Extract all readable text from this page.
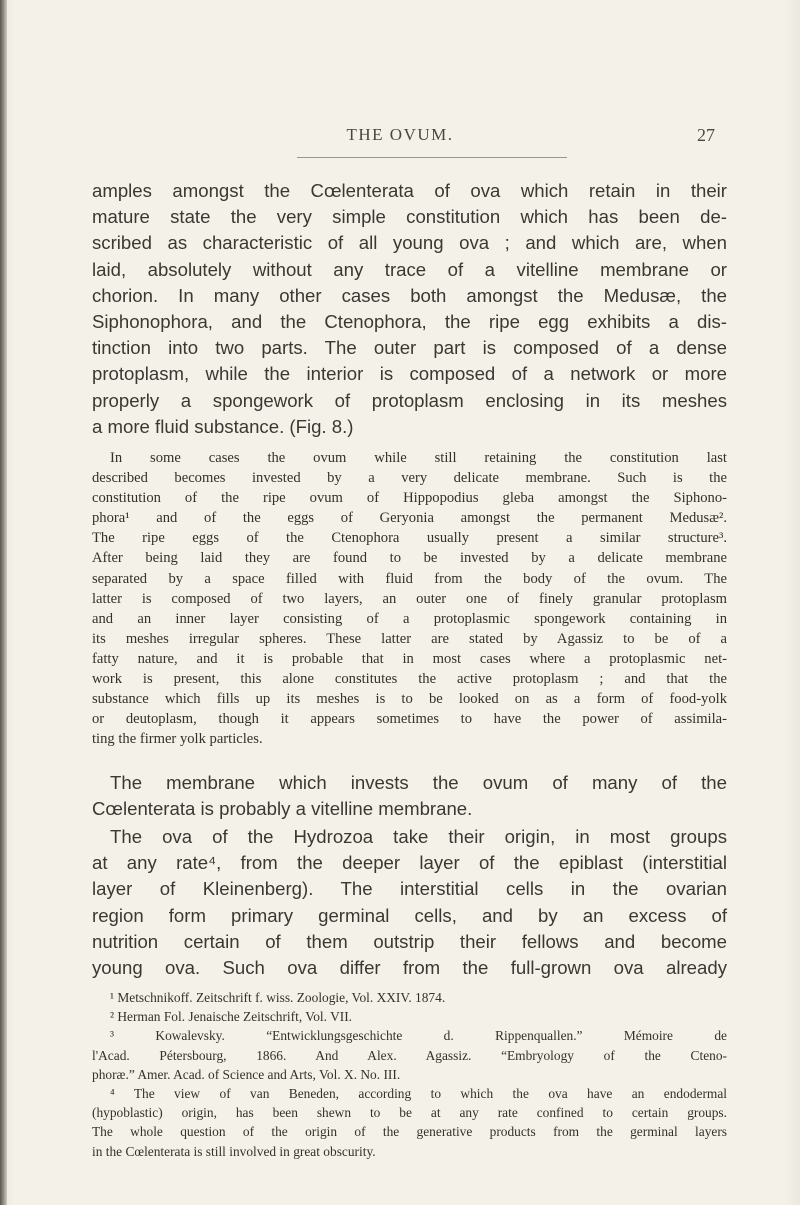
THE OVUM.	27
amples amongst the Cœlenterata of ova which retain in their
mature state the very simple constitution which has been de-
scribed as characteristic of all young ova ; and which are, when
laid, absolutely without any trace of a vitelline membrane or
chorion. In many other cases both amongst the Medusæ, the
Siphonophora, and the Ctenophora, the ripe egg exhibits a dis-
tinction into two parts. The outer part is composed of a dense
protoplasm, while the interior is composed of a network or more
properly a spongework of protoplasm enclosing in its meshes
a more fluid substance. (Fig. 8.)
In some cases the ovum while still retaining the constitution last
described becomes invested by a very delicate membrane. Such is the
constitution of the ripe ovum of Hippopodius gleba amongst the Siphono-
phora¹ and of the eggs of Geryonia amongst the permanent Medusæ².
The ripe eggs of the Ctenophora usually present a similar structure³.
After being laid they are found to be invested by a delicate membrane
separated by a space filled with fluid from the body of the ovum. The
latter is composed of two layers, an outer one of finely granular protoplasm
and an inner layer consisting of a protoplasmic spongework containing in
its meshes irregular spheres. These latter are stated by Agassiz to be of a
fatty nature, and it is probable that in most cases where a protoplasmic net-
work is present, this alone constitutes the active protoplasm ; and that the
substance which fills up its meshes is to be looked on as a form of food-yolk
or deutoplasm, though it appears sometimes to have the power of assimila-
ting the firmer yolk particles.
The membrane which invests the ovum of many of the
Cœlenterata is probably a vitelline membrane.
The ova of the Hydrozoa take their origin, in most groups
at any rate⁴, from the deeper layer of the epiblast (interstitial
layer of Kleinenberg). The interstitial cells in the ovarian
region form primary germinal cells, and by an excess of
nutrition certain of them outstrip their fellows and become
young ova. Such ova differ from the full-grown ova already
¹ Metschnikoff. Zeitschrift f. wiss. Zoologie, Vol. XXIV. 1874.
² Herman Fol. Jenaische Zeitschrift, Vol. VII.
³ Kowalevsky. “Entwicklungsgeschichte d. Rippenquallen.” Mémoire de
l'Acad. Pétersbourg, 1866. And Alex. Agassiz. “Embryology of the Cteno-
phoræ.” Amer. Acad. of Science and Arts, Vol. X. No. III.
⁴ The view of van Beneden, according to which the ova have an endodermal
(hypoblastic) origin, has been shewn to be at any rate confined to certain groups.
The whole question of the origin of the generative products from the germinal layers
in the Cœlenterata is still involved in great obscurity.
